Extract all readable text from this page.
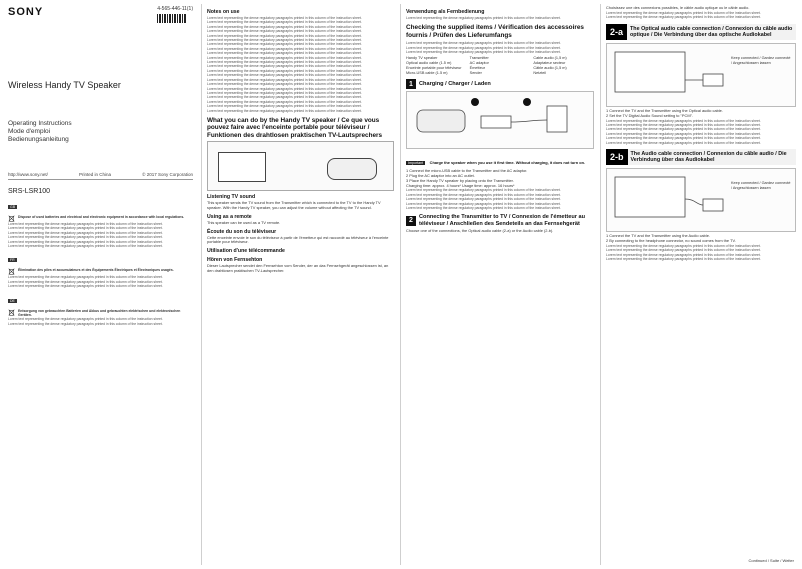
SONY	4-565-446-11(1)
Wireless Handy TV Speaker
Operating Instructions
Mode d'emploi
Bedienungsanleitung
http://www.sony.net/	Printed in China	© 2017 Sony Corporation
SRS-LSR100
GB
Dispose of used batteries and electrical and electronic equipment in accordance with local regulations.
Lorem text representing the dense regulatory paragraphs printed in this column of the instruction sheet.
Lorem text representing the dense regulatory paragraphs printed in this column of the instruction sheet.
Lorem text representing the dense regulatory paragraphs printed in this column of the instruction sheet.
Lorem text representing the dense regulatory paragraphs printed in this column of the instruction sheet.
Lorem text representing the dense regulatory paragraphs printed in this column of the instruction sheet.
Lorem text representing the dense regulatory paragraphs printed in this column of the instruction sheet.
FR
Élimination des piles et accumulateurs et des Équipements Électriques et Électroniques usagés.
Lorem text representing the dense regulatory paragraphs printed in this column of the instruction sheet.
Lorem text representing the dense regulatory paragraphs printed in this column of the instruction sheet.
Lorem text representing the dense regulatory paragraphs printed in this column of the instruction sheet.
DE
Entsorgung von gebrauchten Batterien und Akkus und gebrauchten elektrischen und elektronischen Geräten.
Lorem text representing the dense regulatory paragraphs printed in this column of the instruction sheet.
Lorem text representing the dense regulatory paragraphs printed in this column of the instruction sheet.
Notes on use
Lorem text representing the dense regulatory paragraphs printed in this column of the instruction sheet.
Lorem text representing the dense regulatory paragraphs printed in this column of the instruction sheet.
Lorem text representing the dense regulatory paragraphs printed in this column of the instruction sheet.
Lorem text representing the dense regulatory paragraphs printed in this column of the instruction sheet.
Lorem text representing the dense regulatory paragraphs printed in this column of the instruction sheet.
Lorem text representing the dense regulatory paragraphs printed in this column of the instruction sheet.
Lorem text representing the dense regulatory paragraphs printed in this column of the instruction sheet.
Lorem text representing the dense regulatory paragraphs printed in this column of the instruction sheet.
Lorem text representing the dense regulatory paragraphs printed in this column of the instruction sheet.
Lorem text representing the dense regulatory paragraphs printed in this column of the instruction sheet.
Lorem text representing the dense regulatory paragraphs printed in this column of the instruction sheet.
Lorem text representing the dense regulatory paragraphs printed in this column of the instruction sheet.
Lorem text representing the dense regulatory paragraphs printed in this column of the instruction sheet.
Lorem text representing the dense regulatory paragraphs printed in this column of the instruction sheet.
Lorem text representing the dense regulatory paragraphs printed in this column of the instruction sheet.
Lorem text representing the dense regulatory paragraphs printed in this column of the instruction sheet.
Lorem text representing the dense regulatory paragraphs printed in this column of the instruction sheet.
Lorem text representing the dense regulatory paragraphs printed in this column of the instruction sheet.
Lorem text representing the dense regulatory paragraphs printed in this column of the instruction sheet.
Lorem text representing the dense regulatory paragraphs printed in this column of the instruction sheet.
Lorem text representing the dense regulatory paragraphs printed in this column of the instruction sheet.
Lorem text representing the dense regulatory paragraphs printed in this column of the instruction sheet.
What you can do by the Handy TV speaker / Ce que vous pouvez faire avec l'enceinte portable pour téléviseur / Funktionen des drahtlosen praktischen TV-Lautsprechers
Listening TV sound
This speaker sends the TV sound from the Transmitter which is connected to the TV to the Handy TV speaker. With the Handy TV speaker, you can adjust the volume without affecting the TV sound.
Using as a remote
This speaker can be used as a TV remote.
Écoute du son du téléviseur
Cette enceinte envoie le son du téléviseur à partir de l'émetteur qui est raccordé au téléviseur à l'enceinte portable pour téléviseur.
Utilisation d'une télécommande
Hören von Fernsehton
Dieser Lautsprecher sendet den Fernsehton vom Sender, der an das Fernsehgerät angeschlossen ist, an den drahtlosen praktischen TV-Lautsprecher.
Verwendung als Fernbedienung
Lorem text representing the dense regulatory paragraphs printed in this column of the instruction sheet.
Checking the supplied items / Vérification des accessoires fournis / Prüfen des Lieferumfangs
Lorem text representing the dense regulatory paragraphs printed in this column of the instruction sheet.
Lorem text representing the dense regulatory paragraphs printed in this column of the instruction sheet.
Lorem text representing the dense regulatory paragraphs printed in this column of the instruction sheet.
Handy TV speaker	Transmitter	Cable audio (1,5 m)
Optical audio cable (1.5 m)	AC adaptor	Adaptateur secteur
Enceinte portable pour téléviseur	Émetteur	Câble audio (1,5 m)
Micro-USB cable (1.5 m)	Sender	Netzteil
1	Charging / Charger / Laden
Important Charge the speaker when you use it first time. Without charging, it does not turn on.
1 Connect the micro-USB cable to the Transmitter and the AC adaptor.
2 Plug the AC adaptor into an AC outlet.
3 Place the Handy TV speaker by placing onto the Transmitter.
Charging time: approx. 4 hours* Usage time: approx. 16 hours*
Lorem text representing the dense regulatory paragraphs printed in this column of the instruction sheet.
Lorem text representing the dense regulatory paragraphs printed in this column of the instruction sheet.
Lorem text representing the dense regulatory paragraphs printed in this column of the instruction sheet.
Lorem text representing the dense regulatory paragraphs printed in this column of the instruction sheet.
Lorem text representing the dense regulatory paragraphs printed in this column of the instruction sheet.
2	Connecting the Transmitter to TV / Connexion de l'émetteur au téléviseur / Anschließen des Sendeteils an das Fernsehgerät
Choose one of the connections, the Optical audio cable (2-a) or the Audio cable (2-b).
Choisissez une des connexions possibles, le câble audio optique ou le câble audio.
Lorem text representing the dense regulatory paragraphs printed in this column of the instruction sheet.
Lorem text representing the dense regulatory paragraphs printed in this column of the instruction sheet.
2-a	The Optical audio cable connection / Connexion du câble audio optique / Die Verbindung über das optische Audiokabel
Keep connected / Gardez connecté / Angeschlossen lassen
1 Connect the TV and the Transmitter using the Optical audio cable.
2 Set the TV Digital Audio Sound setting to "PCM".
Lorem text representing the dense regulatory paragraphs printed in this column of the instruction sheet.
Lorem text representing the dense regulatory paragraphs printed in this column of the instruction sheet.
Lorem text representing the dense regulatory paragraphs printed in this column of the instruction sheet.
Lorem text representing the dense regulatory paragraphs printed in this column of the instruction sheet.
Lorem text representing the dense regulatory paragraphs printed in this column of the instruction sheet.
Lorem text representing the dense regulatory paragraphs printed in this column of the instruction sheet.
2-b	The Audio cable connection / Connexion du câble audio / Die Verbindung über das Audiokabel
Keep connected / Gardez connecté / Angeschlossen lassen
1 Connect the TV and the Transmitter using the Audio cable.
2 By connecting to the headphone connector, no sound comes from the TV.
Lorem text representing the dense regulatory paragraphs printed in this column of the instruction sheet.
Lorem text representing the dense regulatory paragraphs printed in this column of the instruction sheet.
Lorem text representing the dense regulatory paragraphs printed in this column of the instruction sheet.
Lorem text representing the dense regulatory paragraphs printed in this column of the instruction sheet.
Continued / Suite / Weiter
